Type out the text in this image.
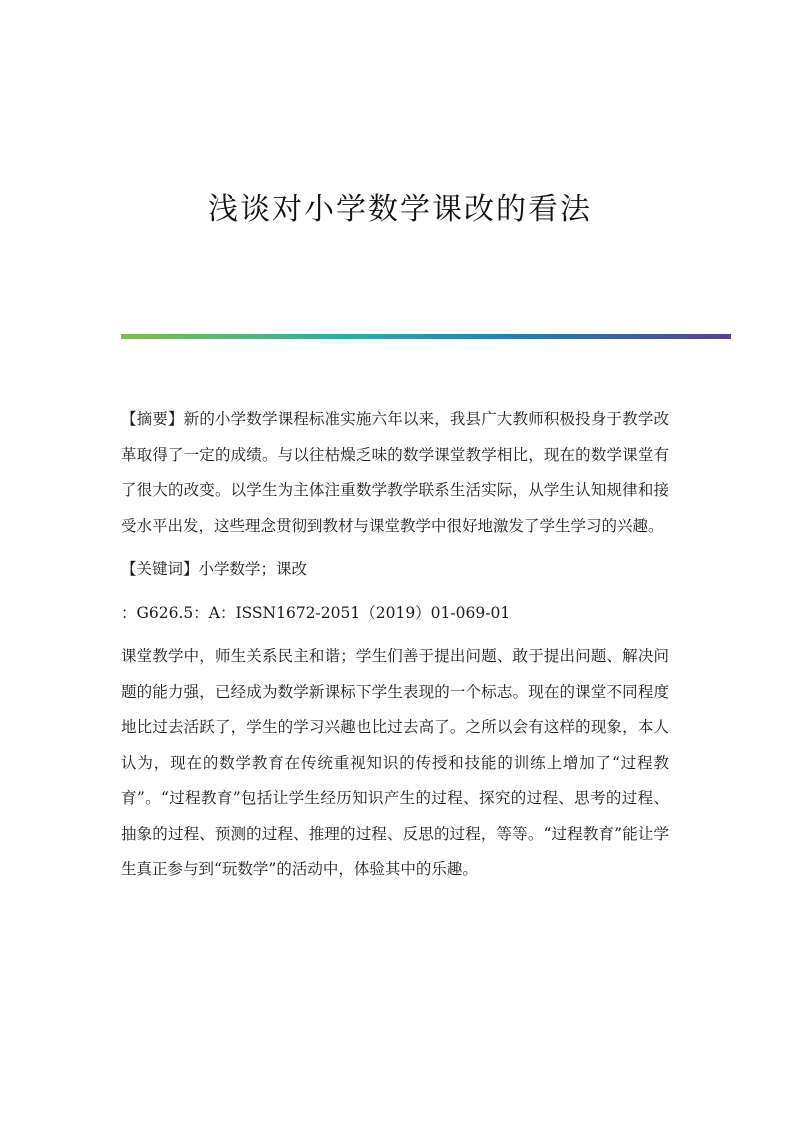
浅谈对小学数学课改的看法

【摘要】新的小学数学课程标准实施六年以来，我县广大教师积极投身于教学改革取得了一定的成绩。与以往枯燥乏味的数学课堂教学相比，现在的数学课堂有了很大的改变。以学生为主体注重数学教学联系生活实际，从学生认知规律和接受水平出发，这些理念贯彻到教材与课堂教学中很好地激发了学生学习的兴趣。

【关键词】小学数学；课改

：G626.5：A：ISSN1672-2051（2019）01-069-01

课堂教学中，师生关系民主和谐；学生们善于提出问题、敢于提出问题、解决问题的能力强，已经成为数学新课标下学生表现的一个标志。现在的课堂不同程度地比过去活跃了，学生的学习兴趣也比过去高了。之所以会有这样的现象，本人认为，现在的数学教育在传统重视知识的传授和技能的训练上增加了“过程教育”。“过程教育”包括让学生经历知识产生的过程、探究的过程、思考的过程、抽象的过程、预测的过程、推理的过程、反思的过程，等等。“过程教育”能让学生真正参与到“玩数学”的活动中，体验其中的乐趣。
